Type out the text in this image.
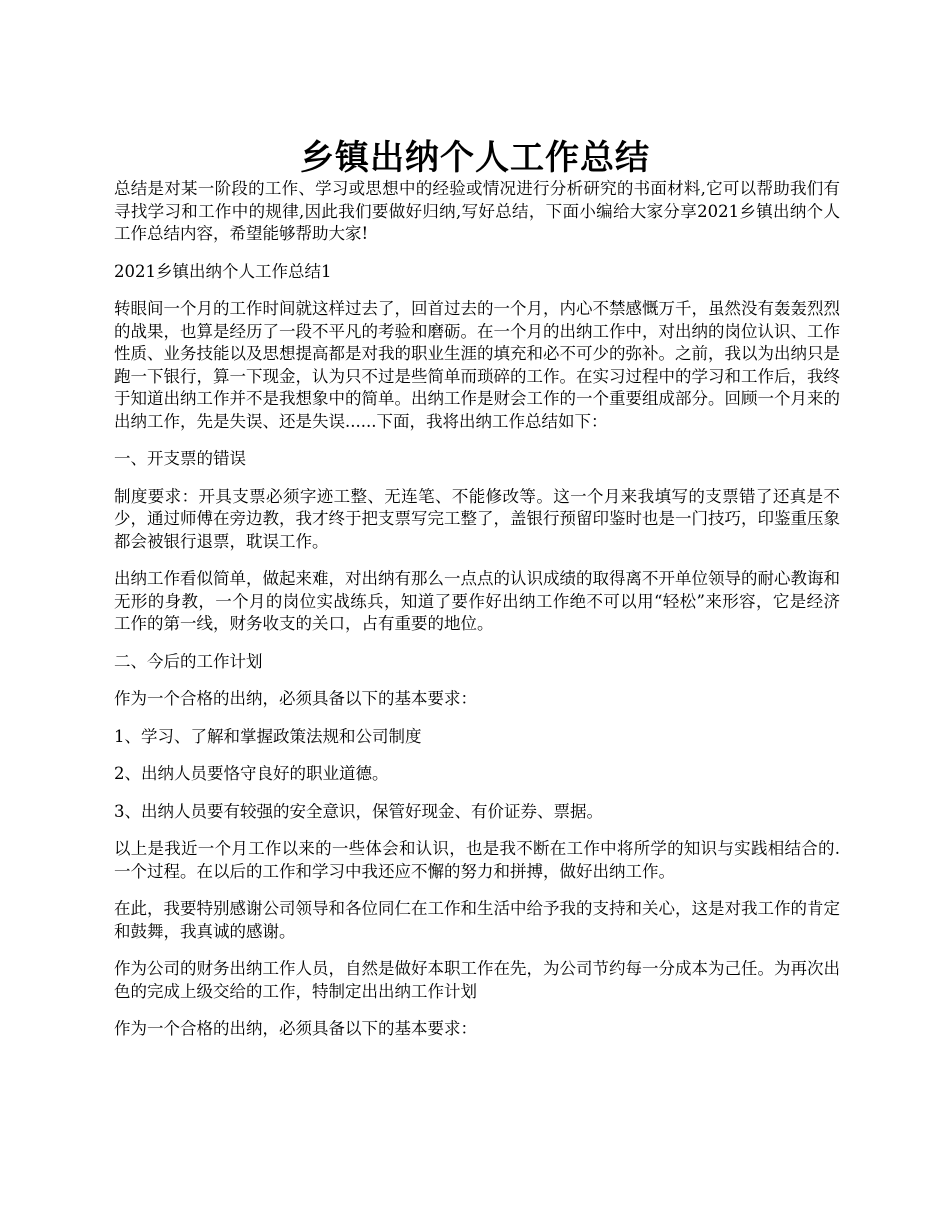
乡镇出纳个人工作总结

总结是对某一阶段的工作、学习或思想中的经验或情况进行分析研究的书面材料,它可以帮助我们有寻找学习和工作中的规律,因此我们要做好归纳,写好总结，下面小编给大家分享2021乡镇出纳个人工作总结内容，希望能够帮助大家!

2021乡镇出纳个人工作总结1

转眼间一个月的工作时间就这样过去了，回首过去的一个月，内心不禁感慨万千，虽然没有轰轰烈烈的战果，也算是经历了一段不平凡的考验和磨砺。在一个月的出纳工作中，对出纳的岗位认识、工作性质、业务技能以及思想提高都是对我的职业生涯的填充和必不可少的弥补。之前，我以为出纳只是跑一下银行，算一下现金，认为只不过是些简单而琐碎的工作。在实习过程中的学习和工作后，我终于知道出纳工作并不是我想象中的简单。出纳工作是财会工作的一个重要组成部分。回顾一个月来的出纳工作，先是失误、还是失误......下面，我将出纳工作总结如下：

一、开支票的错误

制度要求：开具支票必须字迹工整、无连笔、不能修改等。这一个月来我填写的支票错了还真是不少，通过师傅在旁边教，我才终于把支票写完工整了，盖银行预留印鉴时也是一门技巧，印鉴重压象都会被银行退票，耽误工作。

出纳工作看似简单，做起来难，对出纳有那么一点点的认识成绩的取得离不开单位领导的耐心教诲和无形的身教，一个月的岗位实战练兵，知道了要作好出纳工作绝不可以用“轻松”来形容，它是经济工作的第一线，财务收支的关口，占有重要的地位。

二、今后的工作计划

作为一个合格的出纳，必须具备以下的基本要求：

1、学习、了解和掌握政策法规和公司制度

2、出纳人员要恪守良好的职业道德。

3、出纳人员要有较强的安全意识，保管好现金、有价证券、票据。

以上是我近一个月工作以来的一些体会和认识，也是我不断在工作中将所学的知识与实践相结合的.一个过程。在以后的工作和学习中我还应不懈的努力和拼搏，做好出纳工作。

在此，我要特别感谢公司领导和各位同仁在工作和生活中给予我的支持和关心，这是对我工作的肯定和鼓舞，我真诚的感谢。

作为公司的财务出纳工作人员，自然是做好本职工作在先，为公司节约每一分成本为己任。为再次出色的完成上级交给的工作，特制定出出纳工作计划

作为一个合格的出纳，必须具备以下的基本要求：
